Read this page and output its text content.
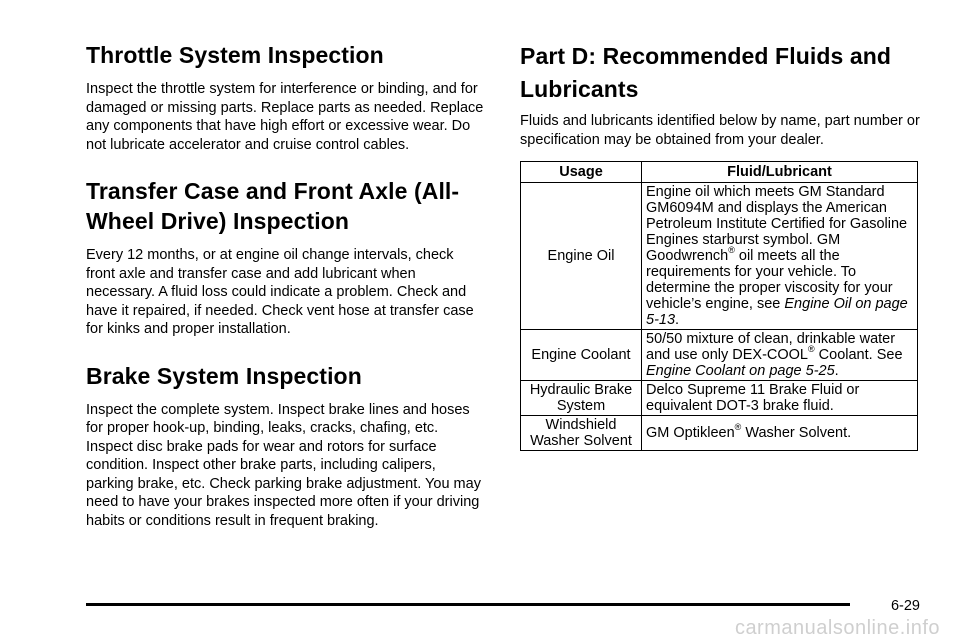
Throttle System Inspection

Inspect the throttle system for interference or binding, and for damaged or missing parts. Replace parts as needed. Replace any components that have high effort or excessive wear. Do not lubricate accelerator and cruise control cables.

Transfer Case and Front Axle (All-Wheel Drive) Inspection

Every 12 months, or at engine oil change intervals, check front axle and transfer case and add lubricant when necessary. A fluid loss could indicate a problem. Check and have it repaired, if needed. Check vent hose at transfer case for kinks and proper installation.

Brake System Inspection

Inspect the complete system. Inspect brake lines and hoses for proper hook-up, binding, leaks, cracks, chafing, etc. Inspect disc brake pads for wear and rotors for surface condition. Inspect other brake parts, including calipers, parking brake, etc. Check parking brake adjustment. You may need to have your brakes inspected more often if your driving habits or conditions result in frequent braking.

Part D: Recommended Fluids and Lubricants

Fluids and lubricants identified below by name, part number or specification may be obtained from your dealer.

Usage	Fluid/Lubricant
Engine Oil	Engine oil which meets GM Standard GM6094M and displays the American Petroleum Institute Certified for Gasoline Engines starburst symbol. GM Goodwrench® oil meets all the requirements for your vehicle. To determine the proper viscosity for your vehicle’s engine, see Engine Oil on page 5-13.
Engine Coolant	50/50 mixture of clean, drinkable water and use only DEX-COOL® Coolant. See Engine Coolant on page 5-25.
Hydraulic Brake System	Delco Supreme 11 Brake Fluid or equivalent DOT-3 brake fluid.
Windshield Washer Solvent	GM Optikleen® Washer Solvent.
6-29
carmanualsonline.info
